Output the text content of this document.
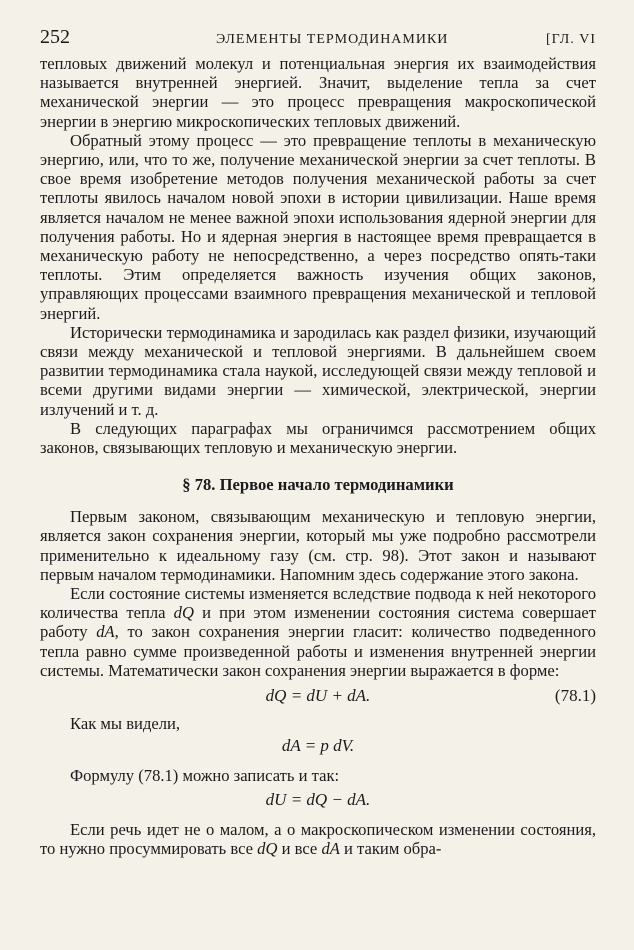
252	ЭЛЕМЕНТЫ ТЕРМОДИНАМИКИ	[ГЛ. VI

тепловых движений молекул и потенциальная энергия их взаимодействия называется внутренней энергией. Значит, выделение тепла за счет механической энергии — это процесс превращения макроскопической энергии в энергию микроскопических тепловых движений.

Обратный этому процесс — это превращение теплоты в механическую энергию, или, что то же, получение механической энергии за счет теплоты. В свое время изобретение методов получения механической работы за счет теплоты явилось началом новой эпохи в истории цивилизации. Наше время является началом не менее важной эпохи использования ядерной энергии для получения работы. Но и ядерная энергия в настоящее время превращается в механическую работу не непосредственно, а через посредство опять-таки теплоты. Этим определяется важность изучения общих законов, управляющих процессами взаимного превращения механической и тепловой энергий.

Исторически термодинамика и зародилась как раздел физики, изучающий связи между механической и тепловой энергиями. В дальнейшем своем развитии термодинамика стала наукой, исследующей связи между тепловой и всеми другими видами энергии — химической, электрической, энергии излучений и т. д.

В следующих параграфах мы ограничимся рассмотрением общих законов, связывающих тепловую и механическую энергии.

§ 78. Первое начало термодинамики

Первым законом, связывающим механическую и тепловую энергии, является закон сохранения энергии, который мы уже подробно рассмотрели применительно к идеальному газу (см. стр. 98). Этот закон и называют первым началом термодинамики. Напомним здесь содержание этого закона.

Если состояние системы изменяется вследствие подвода к ней некоторого количества тепла dQ и при этом изменении состояния система совершает работу dA, то закон сохранения энергии гласит: количество подведенного тепла равно сумме произведенной работы и изменения внутренней энергии системы. Математически закон сохранения энергии выражается в форме:

dQ = dU + dA.	(78.1)
Как мы видели,
dA = p dV.
Формулу (78.1) можно записать и так:
dU = dQ − dA.

Если речь идет не о малом, а о макроскопическом изменении состояния, то нужно просуммировать все dQ и все dA и таким обра-
